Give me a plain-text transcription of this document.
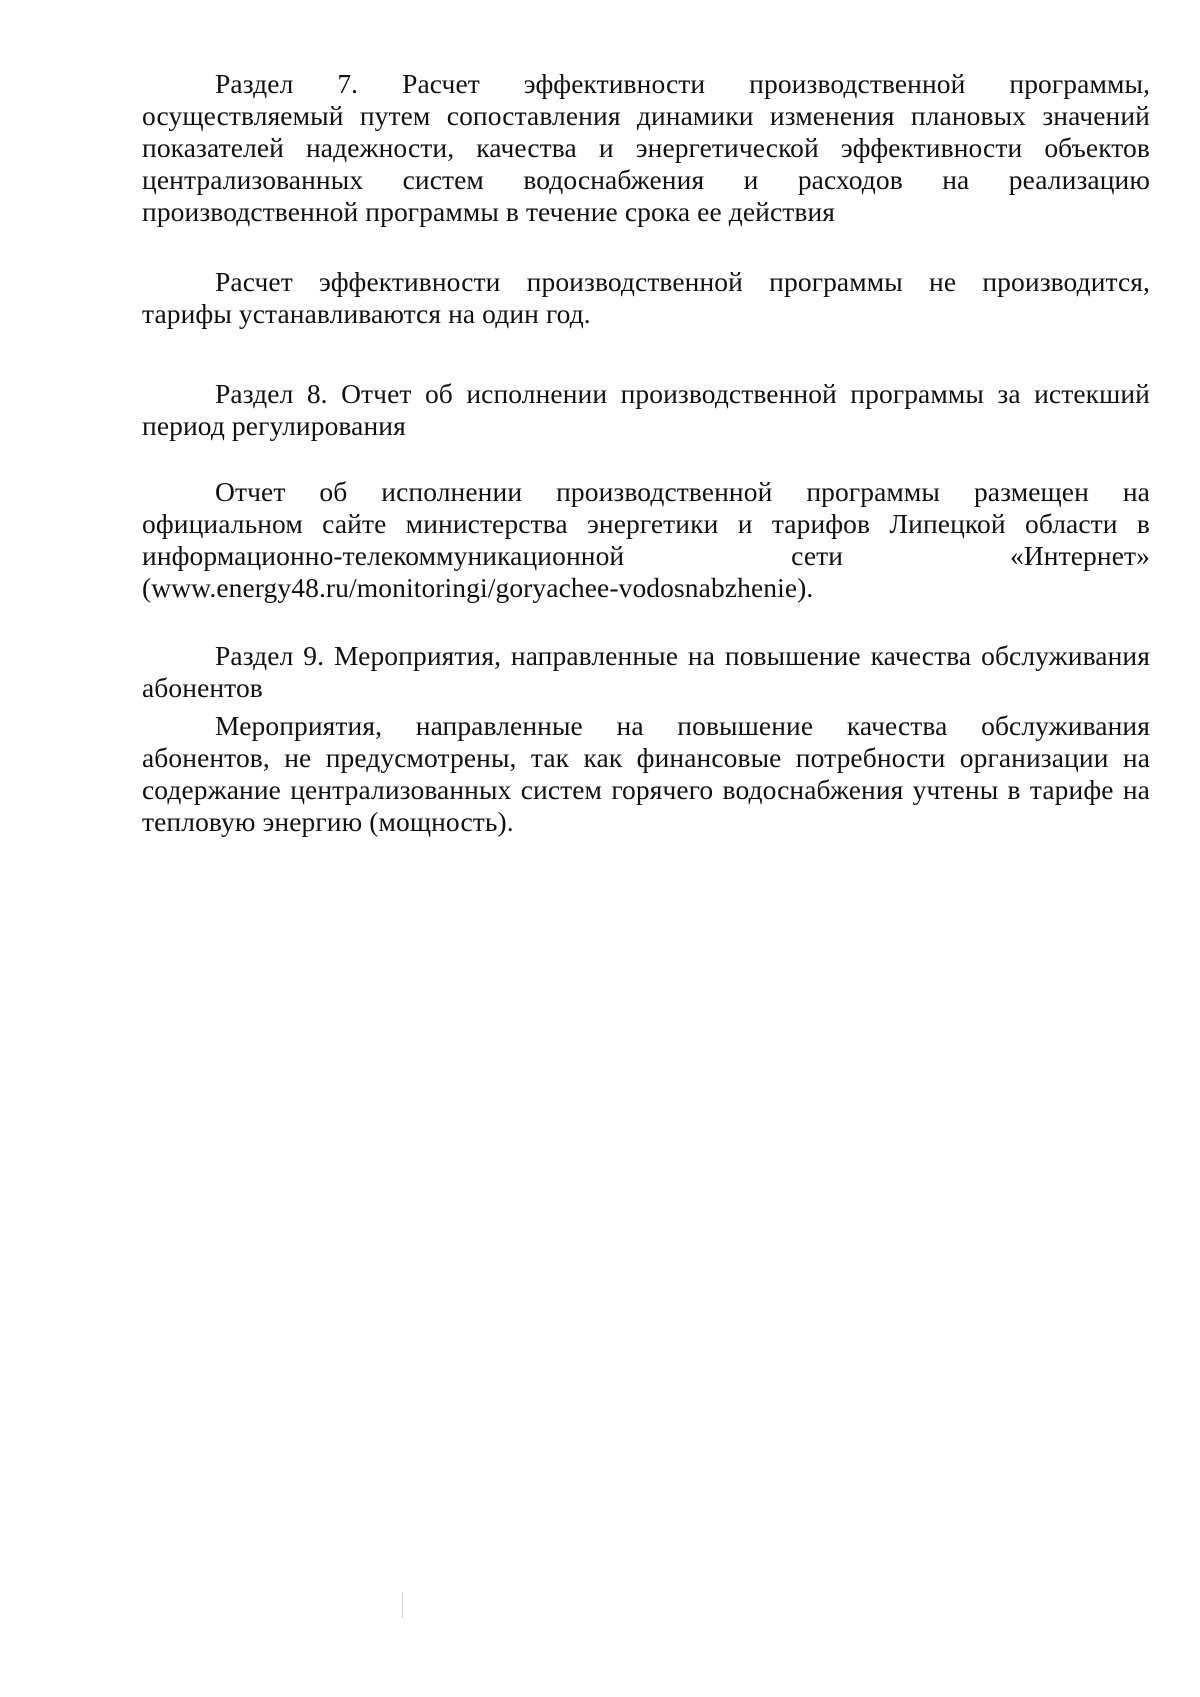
Раздел 7. Расчет эффективности производственной программы, осуществляемый путем сопоставления динамики изменения плановых значений показателей надежности, качества и энергетической эффективности объектов централизованных систем водоснабжения и расходов на реализацию производственной программы в течение срока ее действия

Расчет эффективности производственной программы не производится, тарифы устанавливаются на один год.

Раздел 8. Отчет об исполнении производственной программы за истекший период регулирования

Отчет об исполнении производственной программы размещен на официальном сайте министерства энергетики и тарифов Липецкой области в информационно-телекоммуникационной сети «Интернет» (www.energy48.ru/monitoringi/goryachee-vodosnabzhenie).

Раздел 9. Мероприятия, направленные на повышение качества обслуживания абонентов

Мероприятия, направленные на повышение качества обслуживания абонентов, не предусмотрены, так как финансовые потребности организации на содержание централизованных систем горячего водоснабжения учтены в тарифе на тепловую энергию (мощность).
